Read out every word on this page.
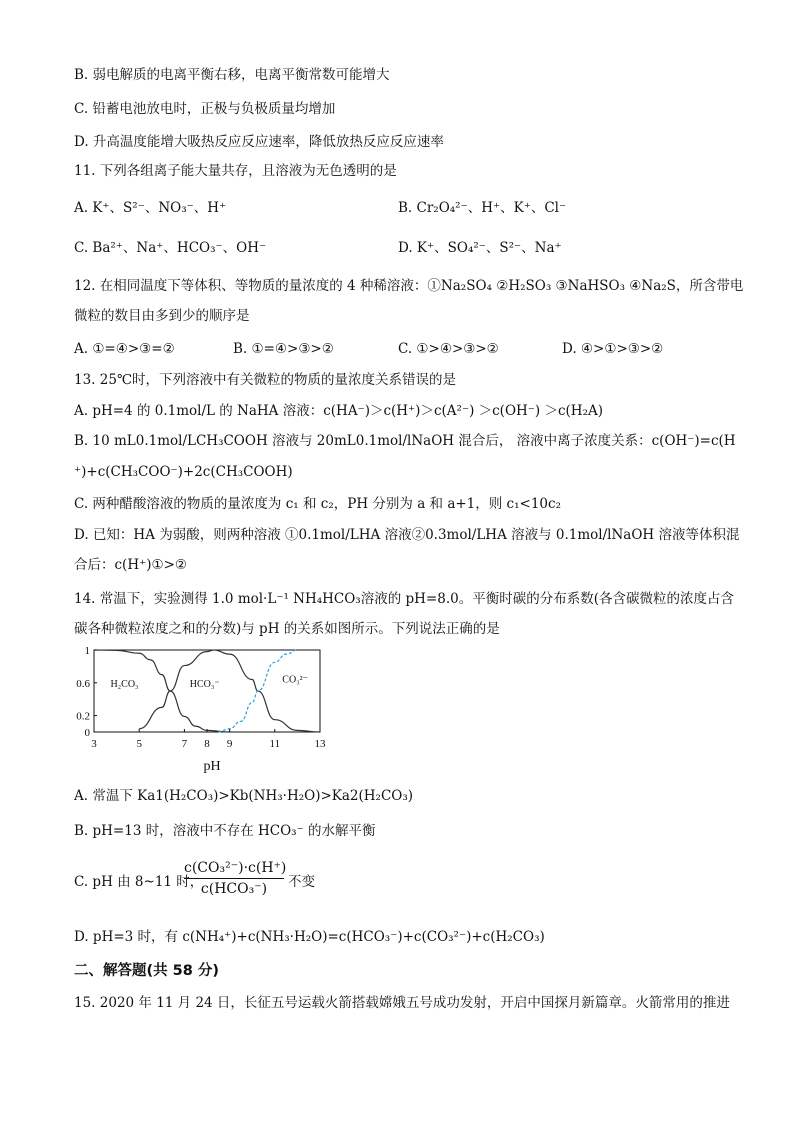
B. 弱电解质的电离平衡右移，电离平衡常数可能增大
C. 铅蓄电池放电时，正极与负极质量均增加
D. 升高温度能增大吸热反应反应速率，降低放热反应反应速率
11. 下列各组离子能大量共存，且溶液为无色透明的是
A. K⁺、S²⁻、NO₃⁻、H⁺	B. Cr₂O₄²⁻、H⁺、K⁺、Cl⁻
C. Ba²⁺、Na⁺、HCO₃⁻、OH⁻	D. K⁺、SO₄²⁻、S²⁻、Na⁺
12. 在相同温度下等体积、等物质的量浓度的 4 种稀溶液：①Na₂SO₄ ②H₂SO₃ ③NaHSO₃ ④Na₂S，所含带电
微粒的数目由多到少的顺序是
A. ①=④>③=②	B. ①=④>③>②	C. ①>④>③>②	D. ④>①>③>②
13. 25℃时，下列溶液中有关微粒的物质的量浓度关系错误的是
A. pH=4 的 0.1mol/L 的 NaHA 溶液：c(HA⁻)＞c(H⁺)＞c(A²⁻) ＞c(OH⁻) ＞c(H₂A)
B. 10 mL0.1mol/LCH₃COOH 溶液与 20mL0.1mol/lNaOH 混合后， 溶液中离子浓度关系：c(OH⁻)=c(H
⁺)+c(CH₃COO⁻)+2c(CH₃COOH)
C. 两种醋酸溶液的物质的量浓度为 c₁ 和 c₂，PH 分别为 a 和 a+1，则 c₁<10c₂
D. 已知：HA 为弱酸，则两种溶液 ①0.1mol/LHA 溶液②0.3mol/LHA 溶液与 0.1mol/lNaOH 溶液等体积混
合后：c(H⁺)①>②
14. 常温下，实验测得 1.0 mol·L⁻¹ NH₄HCO₃溶液的 pH=8.0。平衡时碳的分布系数(各含碳微粒的浓度占含
碳各种微粒浓度之和的分数)与 pH 的关系如图所示。下列说法正确的是
H₂CO₃	HCO₃⁻	CO₃²⁻
3	5	7 8 9	11	13
0
0.2
0.6
1
pH
A. 常温下 Ka1(H₂CO₃)>Kb(NH₃·H₂O)>Ka2(H₂CO₃)
B. pH=13 时，溶液中不存在 HCO₃⁻ 的水解平衡
C. pH 由 8~11 时，
c(CO₃²⁻)·c(H⁺)
c(HCO₃⁻)	不变
D. pH=3 时，有 c(NH₄⁺)+c(NH₃·H₂O)=c(HCO₃⁻)+c(CO₃²⁻)+c(H₂CO₃)
二、解答题(共 58 分)
15. 2020 年 11 月 24 日，长征五号运载火箭搭载嫦娥五号成功发射，开启中国探月新篇章。火箭常用的推进
